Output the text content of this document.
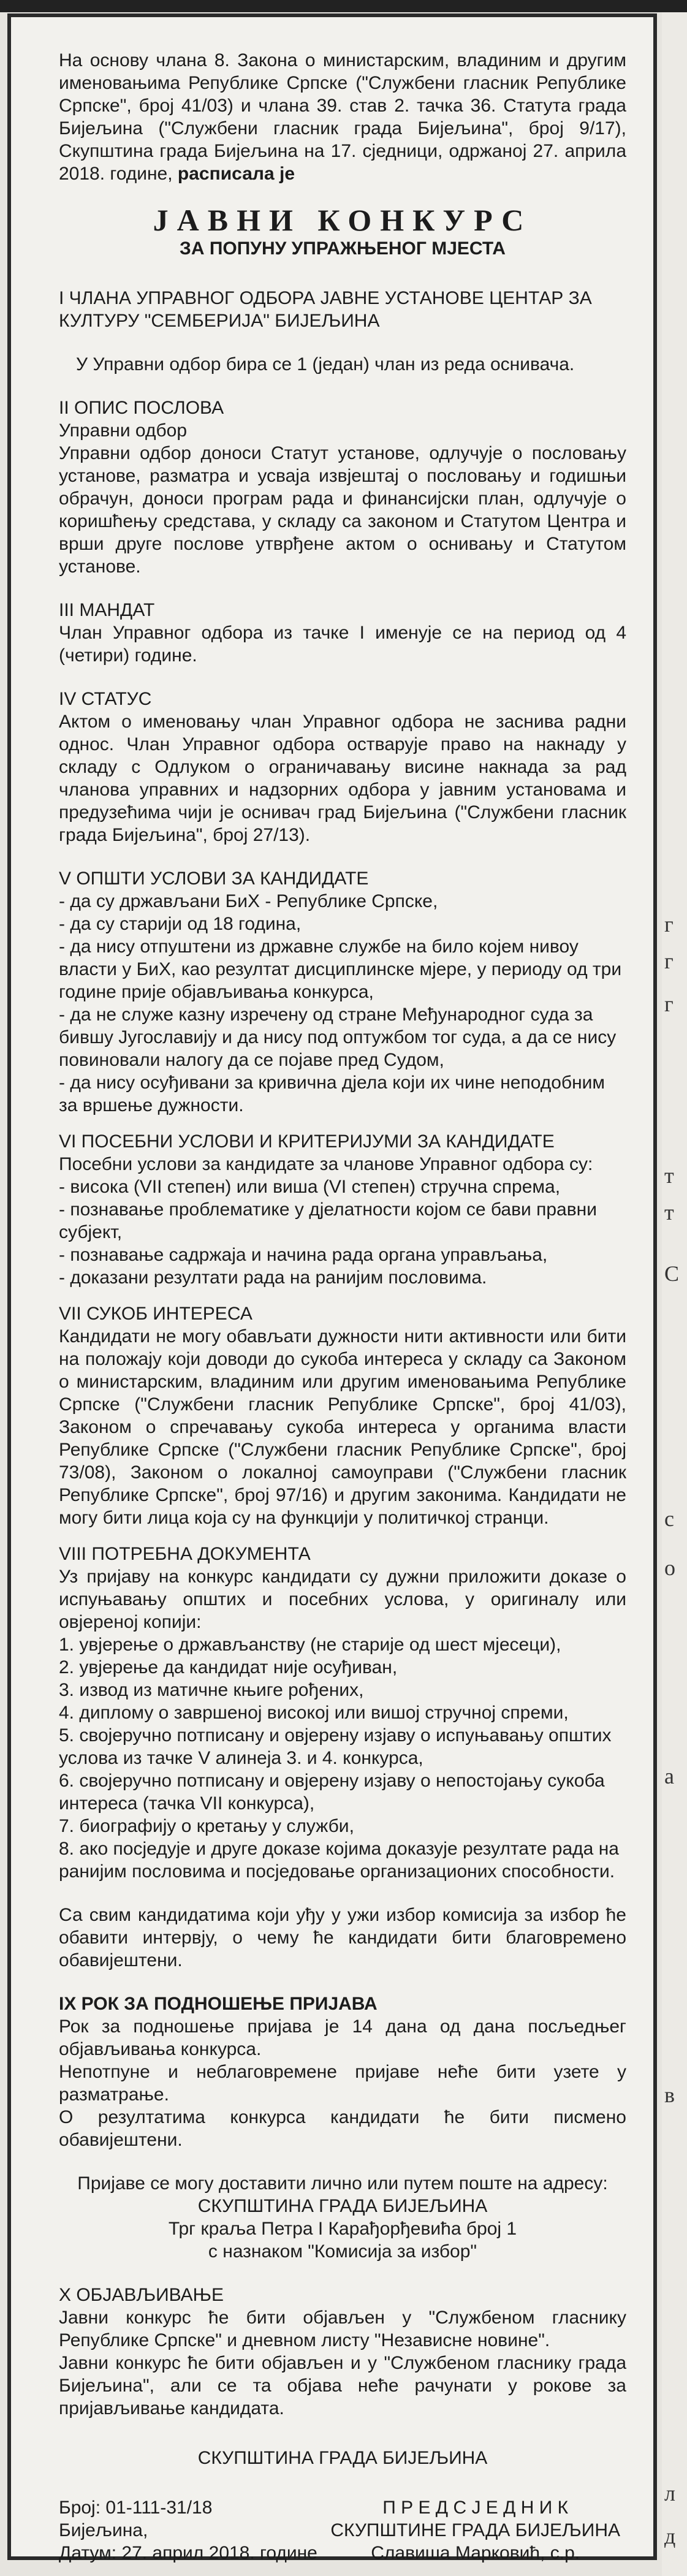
г
г
г
т
т
С
с
о
а
в
л
д

На основу члана 8. Закона о министарским, владиним и другим именовањима Републике Српске ("Службени гласник Републике Српске", број 41/03) и члана 39. став 2. тачка 36. Статута града Бијељина ("Службени гласник града Бијељина", број 9/17), Скупштина града Бијељина на 17. сједници, одржаној 27. априла 2018. године, расписала је

ЈАВНИ КОНКУРС

ЗА ПОПУНУ УПРАЖЊЕНОГ МЈЕСТА

I ЧЛАНА УПРАВНОГ ОДБОРА ЈАВНЕ УСТАНОВЕ ЦЕНТАР ЗА КУЛТУРУ "СЕМБЕРИЈА" БИЈЕЉИНА

У Управни одбор бира се 1 (један) члан из реда оснивача.

II ОПИС ПОСЛОВА

Управни одбор

Управни одбор доноси Статут установе, одлучује о пословању установе, разматра и усваја извјештај о пословању и годишњи обрачун, доноси програм рада и финансијски план, одлучује о коришћењу средстава, у складу са законом и Статутом Центра и врши друге послове утврђене актом о оснивању и Статутом установе.

III МАНДАТ

Члан Управног одбора из тачке I именује се на период од 4 (четири) године.

IV СТАТУС

Актом о именовању члан Управног одбора не заснива радни однос. Члан Управног одбора остварује право на накнаду у складу с Одлуком о ограничавању висине накнада за рад чланова управних и надзорних одбора у јавним установама и предузећима чији је оснивач град Бијељина ("Службени гласник града Бијељина", број 27/13).

V ОПШТИ УСЛОВИ ЗА КАНДИДАТЕ

- да су држављани БиХ - Републике Српске,

- да су старији од 18 година,

- да нису отпуштени из државне службе на било којем нивоу власти у БиХ, као резултат дисциплинске мјере, у периоду од три године прије објављивања конкурса,

- да не служе казну изречену од стране Међународног суда за бившу Југославију и да нису под оптужбом тог суда, а да се нису повиновали налогу да се појаве пред Судом,

- да нису осуђивани за кривична дјела који их чине неподобним за вршење дужности.

VI ПОСЕБНИ УСЛОВИ И КРИТЕРИЈУМИ ЗА КАНДИДАТЕ

Посебни услови за кандидате за чланове Управног одбора су:

- висока (VII степен) или виша (VI степен) стручна спрема,

- познавање проблематике у дјелатности којом се бави правни субјект,

- познавање садржаја и начина рада органа управљања,

- доказани резултати рада на ранијим пословима.

VII СУКОБ ИНТЕРЕСА

Кандидати не могу обављати дужности нити активности или бити на положају који доводи до сукоба интереса у складу са Законом о министарским, владиним или другим именовањима Републике Српске ("Службени гласник Републике Српске", број 41/03), Законом о спречавању сукоба интереса у органима власти Републике Српске ("Службени гласник Републике Српске", број 73/08), Законом о локалној самоуправи ("Службени гласник Републике Српске", број 97/16) и другим законима. Кандидати не могу бити лица која су на функцији у политичкој странци.

VIII ПОТРЕБНА ДОКУМЕНТА

Уз пријаву на конкурс кандидати су дужни приложити доказе о испуњавању општих и посебних услова, у оригиналу или овјереној копији:

1. увјерење о држављанству (не старије од шест мјесеци),

2. увјерење да кандидат није осуђиван,

3. извод из матичне књиге рођених,

4. диплому о завршеној високој или вишој стручној спреми,

5. својеручно потписану и овјерену изјаву о испуњавању општих услова из тачке V алинеја 3. и 4. конкурса,

6. својеручно потписану и овјерену изјаву о непостојању сукоба интереса (тачка VII конкурса),

7. биографију о кретању у служби,

8. ако посједује и друге доказе којима доказује резултате рада на ранијим пословима и посједовање организационих способности.

Са свим кандидатима који уђу у ужи избор комисија за избор ће обавити интервју, о чему ће кандидати бити благовремено обавијештени.

IX РОК ЗА ПОДНОШЕЊЕ ПРИЈАВА

Рок за подношење пријава је 14 дана од дана посљедњег објављивања конкурса.

Непотпуне и неблаговремене пријаве неће бити узете у разматрање.

О резултатима конкурса кандидати ће бити писмено обавијештени.

Пријаве се могу доставити лично или путем поште на адресу:

СКУПШТИНА ГРАДА БИЈЕЉИНА

Трг краља Петра I Карађорђевића број 1

с назнаком "Комисија за избор"

X ОБЈАВЉИВАЊЕ

Јавни конкурс ће бити објављен у "Службеном гласнику Републике Српске" и дневном листу "Независне новине".

Јавни конкурс ће бити објављен и у "Службеном гласнику града Бијељина", али се та објава неће рачунати у рокове за пријављивање кандидата.

СКУПШТИНА ГРАДА БИЈЕЉИНА

Број: 01-111-31/18
Бијељина,
Датум: 27. април 2018. године
П Р Е Д С Ј Е Д Н И К
СКУПШТИНЕ ГРАДА БИЈЕЉИНА
Славиша Марковић, с.р.
